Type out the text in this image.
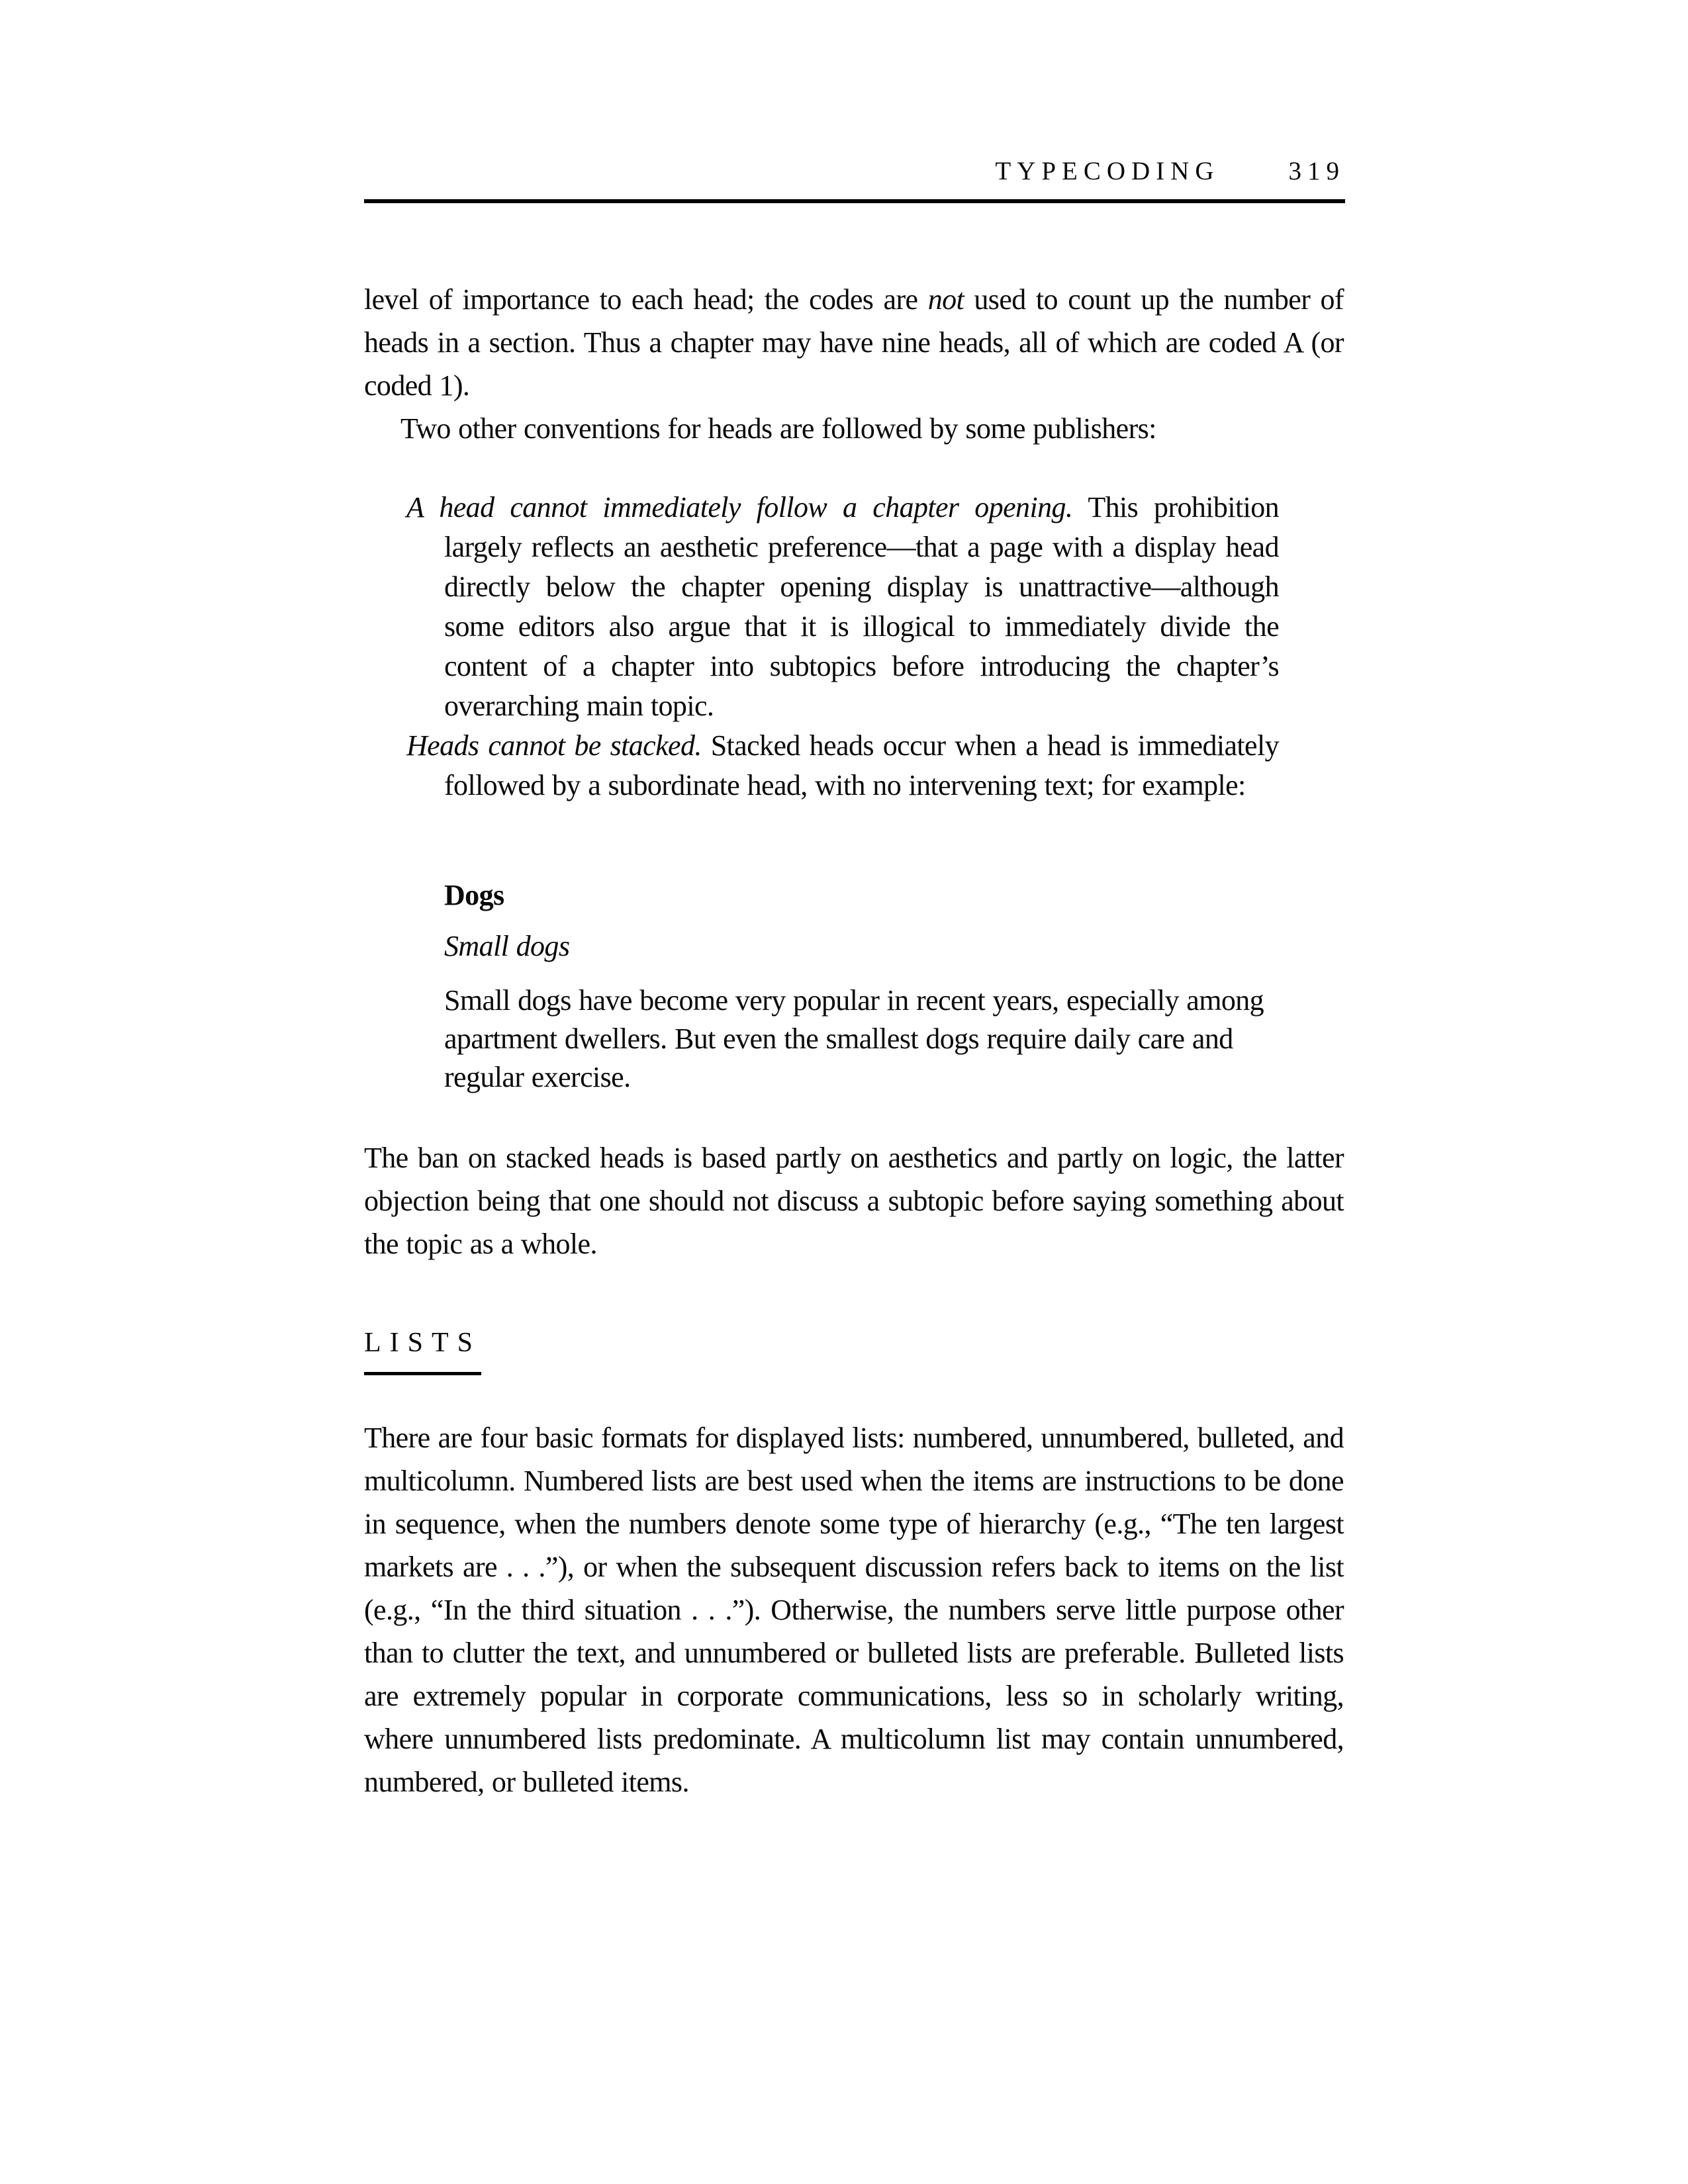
TYPECODING	319

level of importance to each head; the codes are not used to count up the number of heads in a section. Thus a chapter may have nine heads, all of which are coded A (or coded 1).

Two other conventions for heads are followed by some publishers:

A head cannot immediately follow a chapter opening. This prohibition largely reflects an aesthetic preference—that a page with a display head directly below the chapter opening display is unattractive—although some editors also argue that it is illogical to immediately divide the content of a chapter into subtopics before introducing the chapter’s overarching main topic.

Heads cannot be stacked. Stacked heads occur when a head is immediately followed by a subordinate head, with no intervening text; for example:

Dogs
Small dogs
Small dogs have become very popular in recent years, especially among apartment dwellers. But even the smallest dogs require daily care and regular exercise.
The ban on stacked heads is based partly on aesthetics and partly on logic, the latter objection being that one should not discuss a subtopic before saying something about the topic as a whole.
LISTS
There are four basic formats for displayed lists: numbered, unnumbered, bulleted, and multicolumn. Numbered lists are best used when the items are instructions to be done in sequence, when the numbers denote some type of hierarchy (e.g., “The ten largest markets are . . .”), or when the subsequent discussion refers back to items on the list (e.g., “In the third situation . . .”). Otherwise, the numbers serve little purpose other than to clutter the text, and unnumbered or bulleted lists are preferable. Bulleted lists are extremely popular in corporate communications, less so in scholarly writing, where unnumbered lists predominate. A multicolumn list may contain unnumbered, numbered, or bulleted items.
